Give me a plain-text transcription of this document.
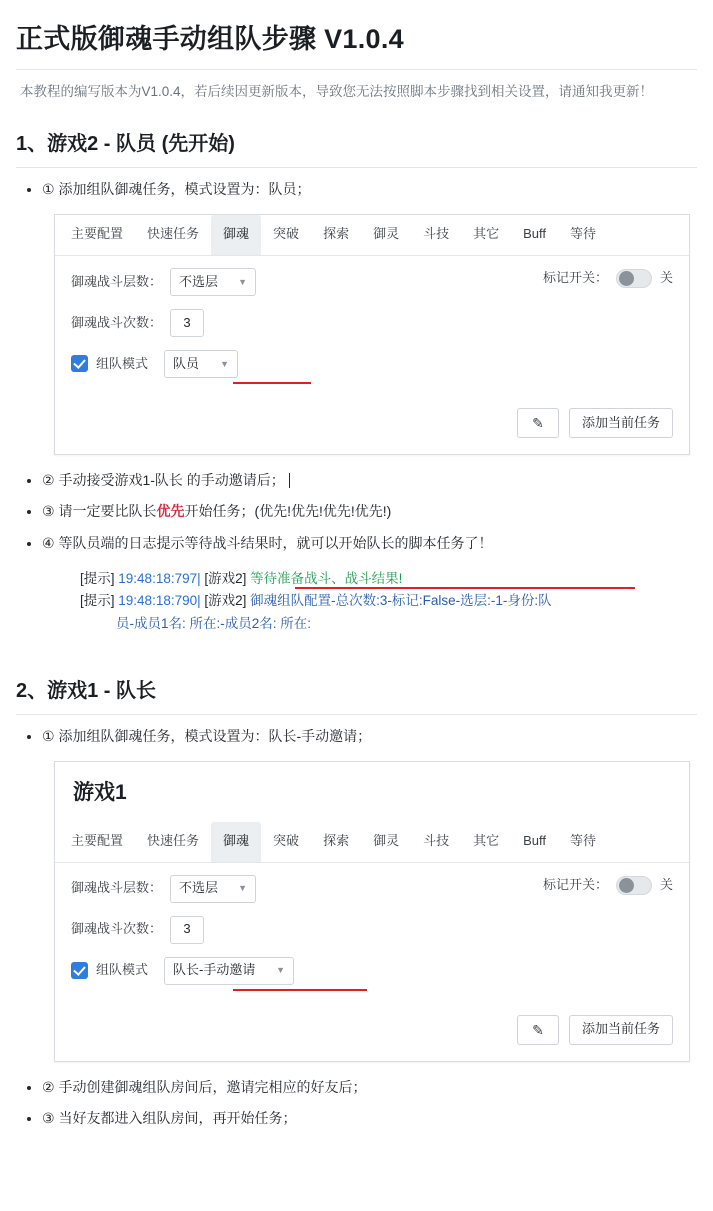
正式版御魂手动组队步骤 V1.0.4
本教程的编写版本为V1.0.4，若后续因更新版本，导致您无法按照脚本步骤找到相关设置，请通知我更新！
1、游戏2 - 队员 (先开始)
• ① 添加组队御魂任务，模式设置为：队员；
主要配置	快速任务	御魂	突破	探索	御灵	斗技	其它	Buff	等待
御魂战斗层数： 不选层 ▼	标记开关：	关
御魂战斗次数：	3
组队模式 队员 ▼
✎	添加当前任务
• ② 手动接受游戏1-队长 的手动邀请后；
• ③ 请一定要比队长优先开始任务；(优先!优先!优先!优先!)
• ④ 等队员端的日志提示等待战斗结果时，就可以开始队长的脚本任务了！
[提示] 19:48:18:797| [游戏2] 等待准备战斗、战斗结果!
[提示] 19:48:18:790| [游戏2] 御魂组队配置-总次数:3-标记:False-选层:-1-身份:队
员-成员1名: 所在:-成员2名: 所在:
2、游戏1 - 队长
• ① 添加组队御魂任务，模式设置为：队长-手动邀请；
游戏1
主要配置	快速任务	御魂	突破	探索	御灵	斗技	其它	Buff	等待
御魂战斗层数： 不选层 ▼	标记开关：	关
御魂战斗次数：	3
组队模式 队长-手动邀请 ▼
✎	添加当前任务
• ② 手动创建御魂组队房间后，邀请完相应的好友后；
• ③ 当好友都进入组队房间，再开始任务；
